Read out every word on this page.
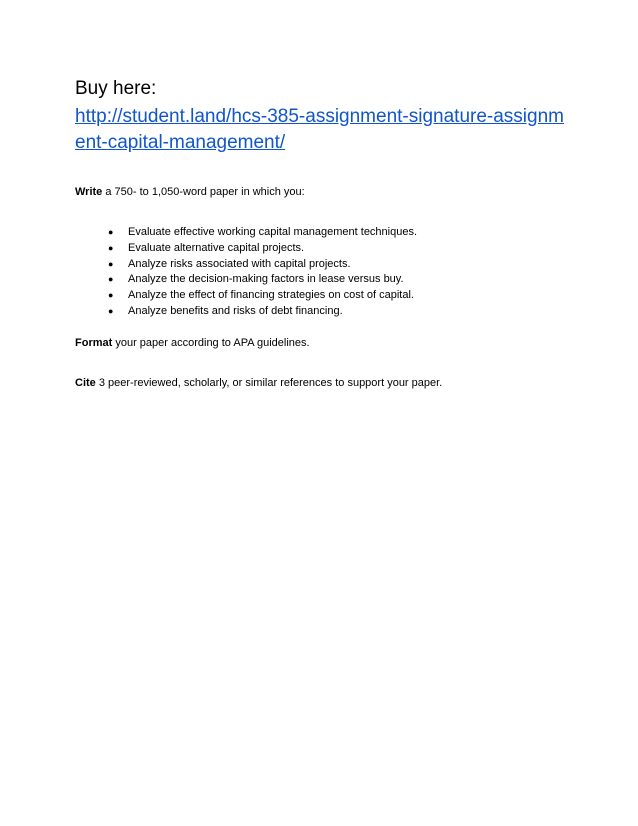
Buy here:
http://student.land/hcs-385-assignment-signature-assignm
ent-capital-management/

Write a 750- to 1,050-word paper in which you:

● Evaluate effective working capital management techniques.
● Evaluate alternative capital projects.
● Analyze risks associated with capital projects.
● Analyze the decision-making factors in lease versus buy.
● Analyze the effect of financing strategies on cost of capital.
● Analyze benefits and risks of debt financing.

Format your paper according to APA guidelines.

Cite 3 peer-reviewed, scholarly, or similar references to support your paper.
